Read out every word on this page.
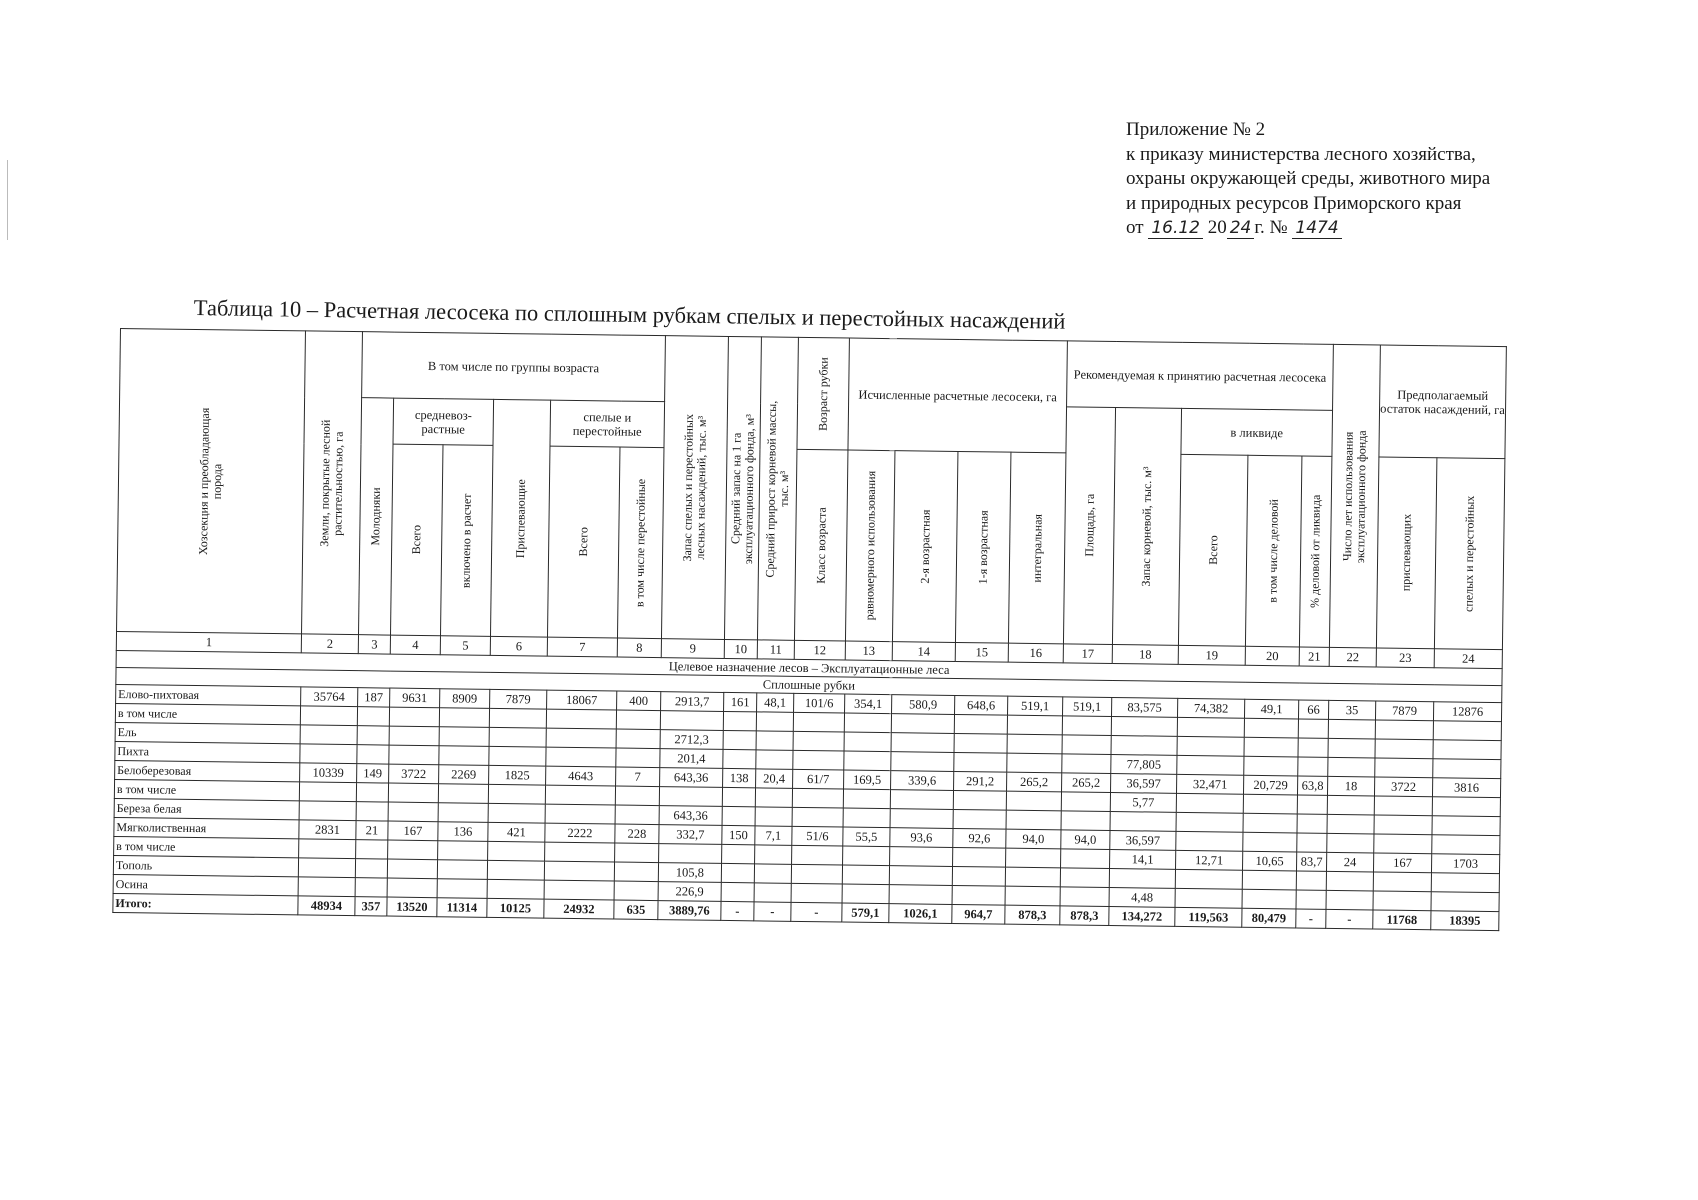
Приложение № 2
к приказу министерства лесного хозяйства,
охраны окружающей среды, животного мира
и природных ресурсов Приморского края
от 16.12 20 24 г. № 1474
Таблица 10 – Расчетная лесосека по сплошным рубкам спелых и перестойных насаждений
Хозсекция и преобладающая порода	Земли, покрытые лесной растительностью, га	В том числе по группы возраста						Запас спелых и перестойных лесных насаждений, тыс. м³	Средний запас на 1 га эксплуатационного фонда, м³	Средний прирост корневой массы, тыс. м³	Возраст рубки	Исчисленные расчетные лесосеки, га				Рекомендуемая к принятию расчетная лесосека					Число лет использования эксплуатационного фонда	Предполагаемый остаток насаждений, га	

		Молодняки	средневоз-растные		Приспевающие	спелые и перестойные										Площадь, га	Запас корневой, тыс. м³	в ликвиде					

			Всего	включено в расчет		Всего	в том числе перестойные				Класс возраста	равномерного использования	2-я возрастная	1-я возрастная	интегральная			Всего	в том числе деловой	% деловой от ликвида		приспевающих	спелых и перестойных

1	2	3	4	5	6	7	8	9	10	11	12	13	14	15	16	17	18	19	20	21	22	23	24
Целевое назначение лесов – Эксплуатационные леса																							
Сплошные рубки																							
Елово-пихтовая	35764	187	9631	8909	7879	18067	400	2913,7	161	48,1	101/6	354,1	580,9	648,6	519,1	519,1	83,575	74,382	49,1	66	35	7879	12876
в том числе																							
Ель								2712,3															
Пихта								201,4									77,805						
Белоберезовая	10339	149	3722	2269	1825	4643	7	643,36	138	20,4	61/7	169,5	339,6	291,2	265,2	265,2	36,597	32,471	20,729	63,8	18	3722	3816
в том числе																	5,77						
Береза белая								643,36															
Мягколиственная	2831	21	167	136	421	2222	228	332,7	150	7,1	51/6	55,5	93,6	92,6	94,0	94,0	36,597						
в том числе																	14,1	12,71	10,65	83,7	24	167	1703
Тополь								105,8															
Осина								226,9									4,48						
Итого:	48934	357	13520	11314	10125	24932	635	3889,76	-	-	-	579,1	1026,1	964,7	878,3	878,3	134,272	119,563	80,479	-	-	11768	18395
